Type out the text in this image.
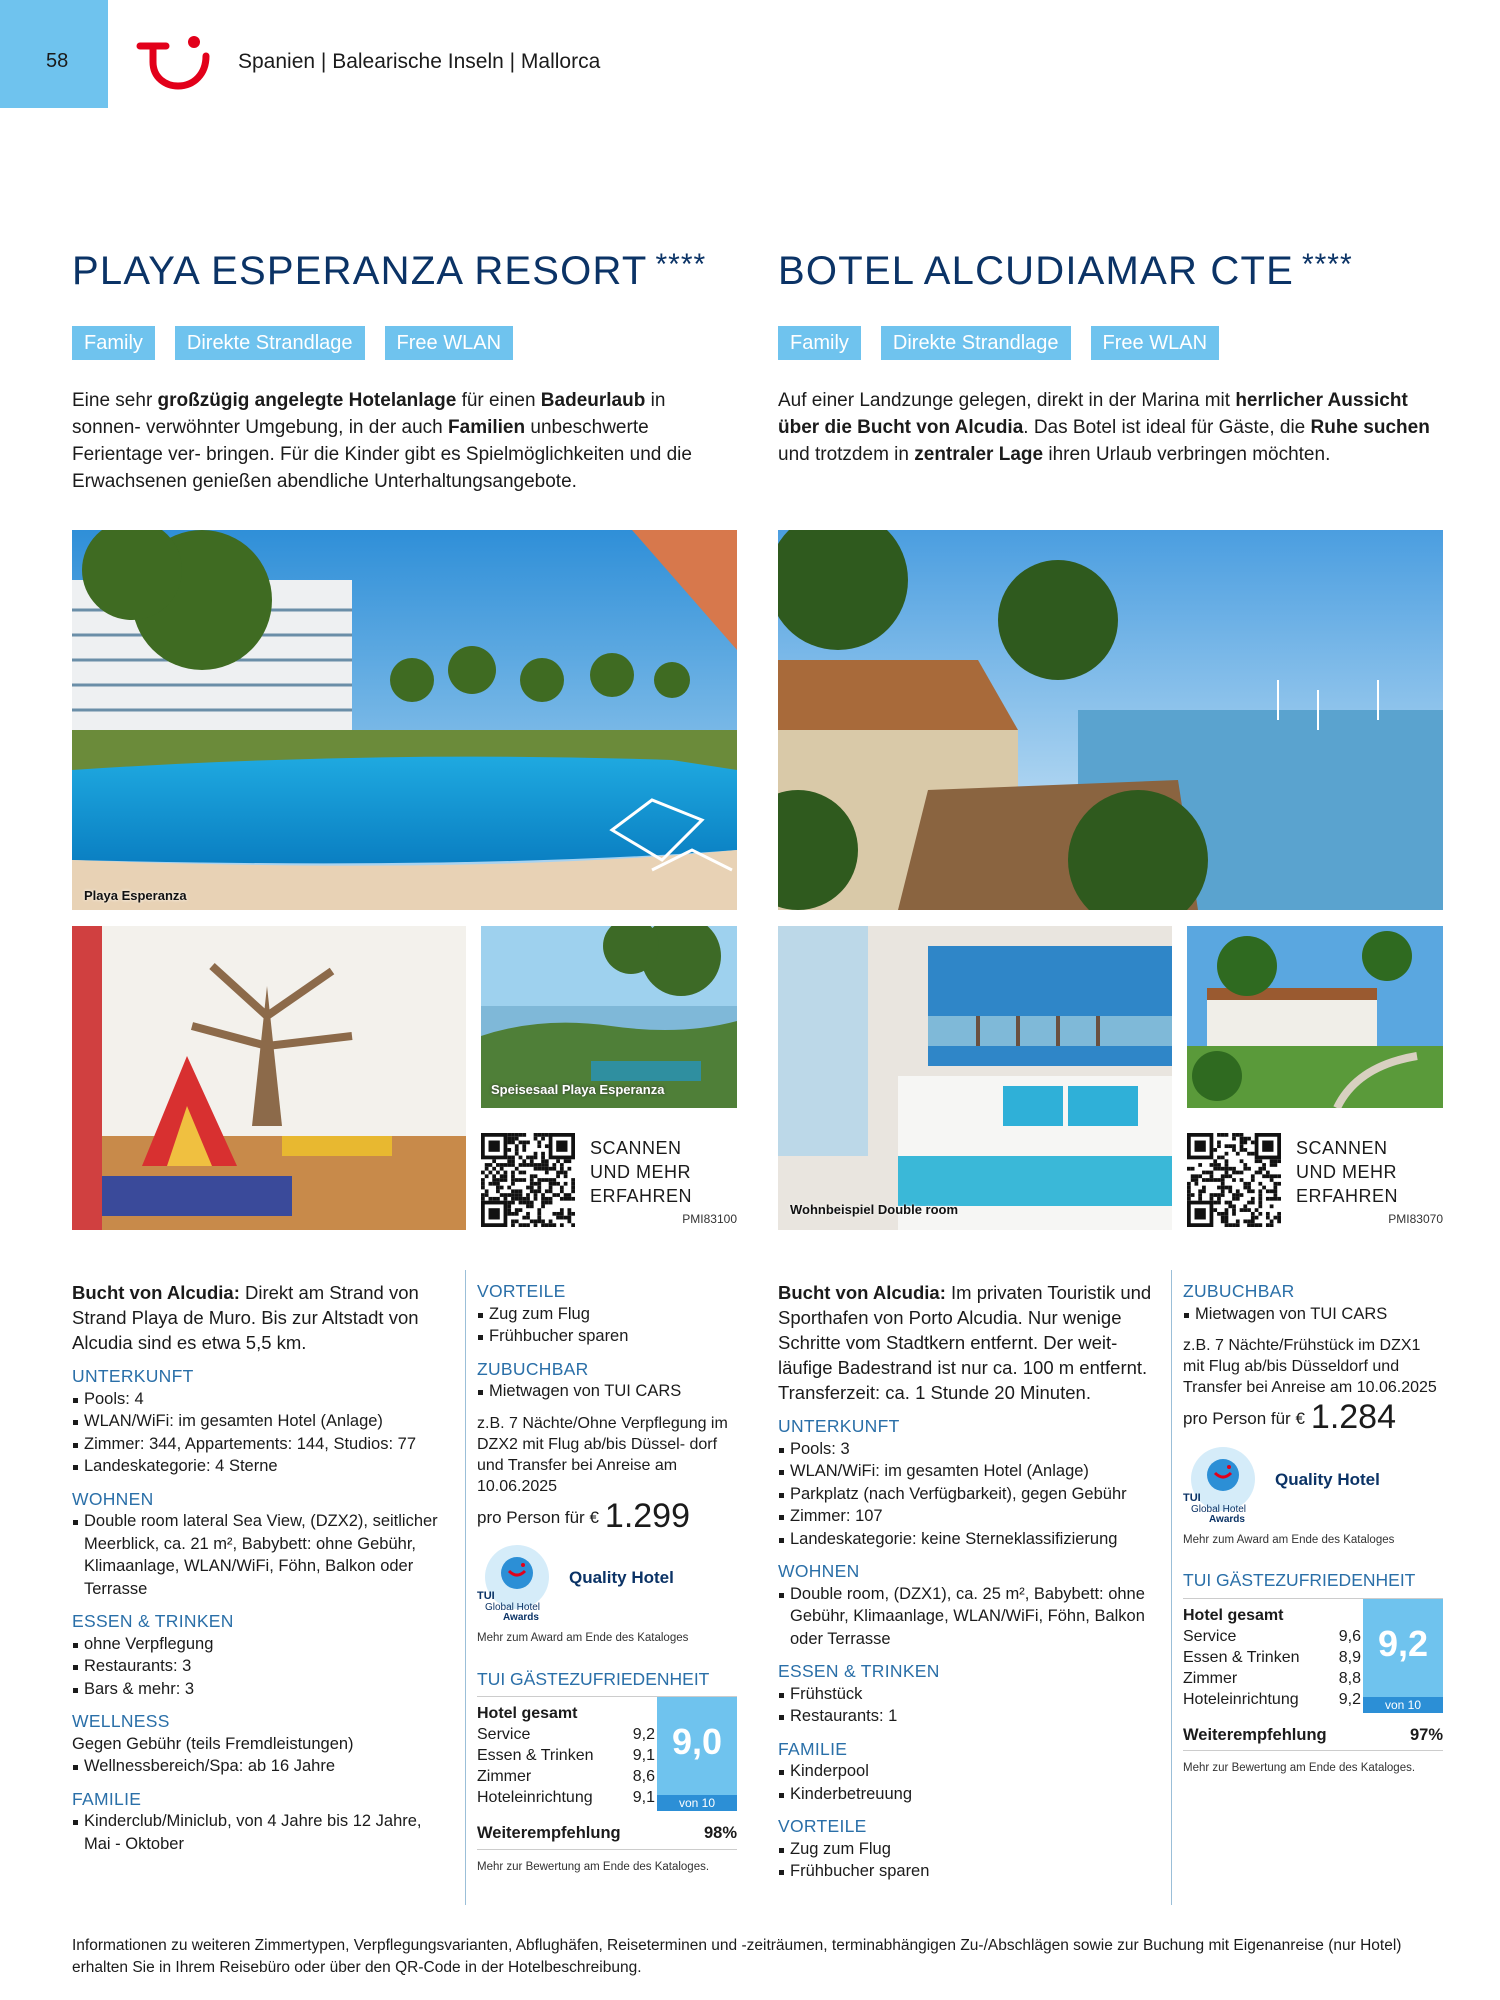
58	Spanien | Balearische Inseln | Mallorca
PLAYA ESPERANZA RESORT ****
Family	Direkte Strandlage	Free WLAN
Eine sehr großzügig angelegte Hotelanlage für einen Badeurlaub in sonnen- verwöhnter Umgebung, in der auch Familien unbeschwerte Ferientage ver- bringen. Für die Kinder gibt es Spielmöglichkeiten und die Erwachsenen genießen abendliche Unterhaltungsangebote.
Playa Esperanza
Speisesaal Playa Esperanza
SCANNEN
UND MEHR
ERFAHREN
PMI83100
Bucht von Alcudia: Direkt am Strand von Strand Playa de Muro. Bis zur Altstadt von Alcudia sind es etwa 5,5 km.
UNTERKUNFT
Pools: 4
WLAN/WiFi: im gesamten Hotel (Anlage)
Zimmer: 344, Appartements: 144, Studios: 77
Landeskategorie: 4 Sterne
WOHNEN
Double room lateral Sea View, (DZX2), seitlicher Meerblick, ca. 21 m², Babybett: ohne Gebühr, Klimaanlage, WLAN/WiFi, Föhn, Balkon oder Terrasse
ESSEN & TRINKEN
ohne Verpflegung
Restaurants: 3
Bars & mehr: 3
WELLNESS
Gegen Gebühr (teils Fremdleistungen)
Wellnessbereich/Spa: ab 16 Jahre
FAMILIE
Kinderclub/Miniclub, von 4 Jahre bis 12 Jahre, Mai - Oktober
VORTEILE
Zug zum Flug
Frühbucher sparen
ZUBUCHBAR
Mietwagen von TUI CARS
z.B. 7 Nächte/Ohne Verpflegung im DZX2 mit Flug ab/bis Düssel- dorf und Transfer bei Anreise am 10.06.2025
pro Person für € 1.299
TUI
Global Hotel
Awards
Quality Hotel
Mehr zum Award am Ende des Kataloges
TUI GÄSTEZUFRIEDENHEIT
Hotel gesamt
Service	9,2
Essen & Trinken 9,1
Zimmer	8,6
Hoteleinrichtung	9,1
9,0
von 10
Weiterempfehlung	98%
Mehr zur Bewertung am Ende des Kataloges.
BOTEL ALCUDIAMAR CTE ****
Family	Direkte Strandlage	Free WLAN
Auf einer Landzunge gelegen, direkt in der Marina mit herrlicher Aussicht über die Bucht von Alcudia. Das Botel ist ideal für Gäste, die Ruhe suchen und trotzdem in zentraler Lage ihren Urlaub verbringen möchten.
Wohnbeispiel Double room
SCANNEN
UND MEHR
ERFAHREN
PMI83070
Bucht von Alcudia: Im privaten Touristik und Sporthafen von Porto Alcudia. Nur wenige Schritte vom Stadtkern entfernt. Der weit- läufige Badestrand ist nur ca. 100 m entfernt. Transferzeit: ca. 1 Stunde 20 Minuten.
UNTERKUNFT
Pools: 3
WLAN/WiFi: im gesamten Hotel (Anlage)
Parkplatz (nach Verfügbarkeit), gegen Gebühr
Zimmer: 107
Landeskategorie: keine Sterneklassifizierung
WOHNEN
Double room, (DZX1), ca. 25 m², Babybett: ohne Gebühr, Klimaanlage, WLAN/WiFi, Föhn, Balkon oder Terrasse
ESSEN & TRINKEN
Frühstück
Restaurants: 1
FAMILIE
Kinderpool
Kinderbetreuung
VORTEILE
Zug zum Flug
Frühbucher sparen
ZUBUCHBAR
Mietwagen von TUI CARS
z.B. 7 Nächte/Frühstück im DZX1 mit Flug ab/bis Düsseldorf und Transfer bei Anreise am 10.06.2025
pro Person für € 1.284
TUI
Global Hotel
Awards
Quality Hotel
Mehr zum Award am Ende des Kataloges
TUI GÄSTEZUFRIEDENHEIT
Hotel gesamt
Service	9,6
Essen & Trinken 8,9
Zimmer	8,8
Hoteleinrichtung	9,2
9,2
von 10
Weiterempfehlung	97%
Mehr zur Bewertung am Ende des Kataloges.
Informationen zu weiteren Zimmertypen, Verpflegungsvarianten, Abflughäfen, Reiseterminen und -zeiträumen, terminabhängigen Zu-/Abschlägen sowie zur Buchung mit Eigenanreise (nur Hotel) erhalten Sie in Ihrem Reisebüro oder über den QR-Code in der Hotelbeschreibung.
